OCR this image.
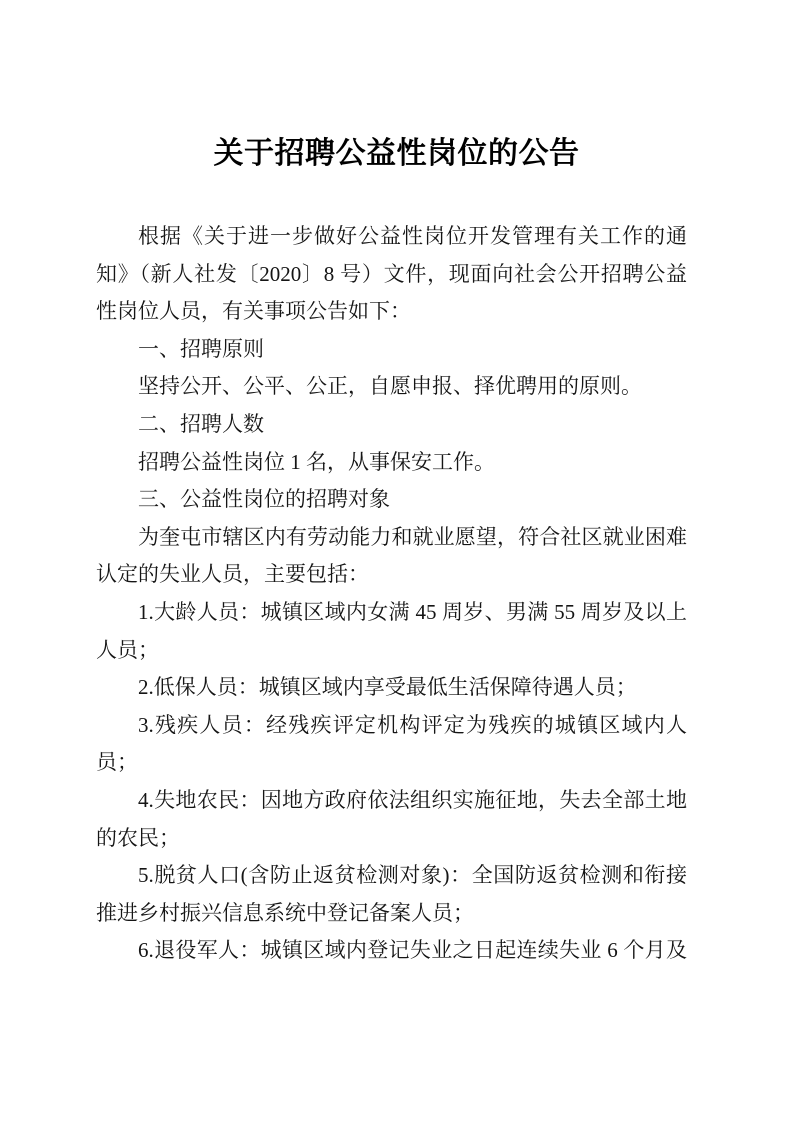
关于招聘公益性岗位的公告
根据《关于进一步做好公益性岗位开发管理有关工作的通
知》（新人社发〔2020〕8 号）文件，现面向社会公开招聘公益
性岗位人员，有关事项公告如下：
一、招聘原则
坚持公开、公平、公正，自愿申报、择优聘用的原则。
二、招聘人数
招聘公益性岗位 1 名，从事保安工作。
三、公益性岗位的招聘对象
为奎屯市辖区内有劳动能力和就业愿望，符合社区就业困难
认定的失业人员，主要包括：
1.大龄人员：城镇区域内女满 45 周岁、男满 55 周岁及以上
人员；
2.低保人员：城镇区域内享受最低生活保障待遇人员；
3.残疾人员：经残疾评定机构评定为残疾的城镇区域内人
员；
4.失地农民：因地方政府依法组织实施征地，失去全部土地
的农民；
5.脱贫人口(含防止返贫检测对象)：全国防返贫检测和衔接
推进乡村振兴信息系统中登记备案人员；
6.退役军人：城镇区域内登记失业之日起连续失业 6 个月及
